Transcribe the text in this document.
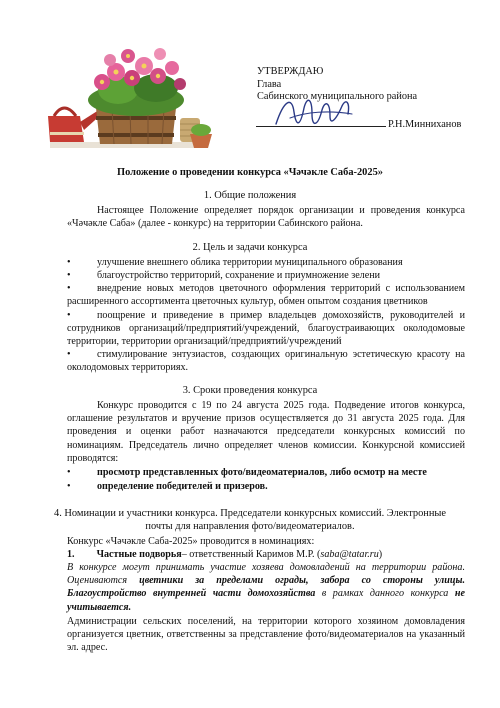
УТВЕРЖДАЮ
Глава
Сабинского муниципального района
Р.Н.Минниханов
Положение о проведении конкурса «Чәчәкле Саба-2025»
1. Общие положения
Настоящее Положение определяет порядок организации и проведения конкурса «Чәчәкле Саба» (далее - конкурс) на территории Сабинского района.
2. Цель и задачи конкурса
•	улучшение внешнего облика территории муниципального образования
•	благоустройство территорий, сохранение и приумножение зелени
•	внедрение новых методов цветочного оформления территорий с использованием расширенного ассортимента цветочных культур, обмен опытом создания цветников
•	поощрение и приведение в пример владельцев домохозяйств, руководителей и сотрудников организаций/предприятий/учреждений, благоустраивающих околодомовые территории, территории организаций/предприятий/учреждений
•	стимулирование энтузиастов, создающих оригинальную эстетическую красоту на околодомовых территориях.
3. Сроки проведения конкурса
Конкурс проводится с 19 по 24 августа 2025 года. Подведение итогов конкурса, оглашение результатов и вручение призов осуществляется до 31 августа 2025 года. Для проведения и оценки работ назначаются председатели конкурсных комиссий по номинациям. Председатель лично определяет членов комиссии. Конкурсной комиссией проводятся:
•	просмотр представленных фото/видеоматериалов, либо осмотр на месте
•	определение победителей и призеров.
4. Номинации и участники конкурса. Председатели конкурсных комиссий. Электронные
почты для направления фото/видеоматериалов.
Конкурс «Чәчәкле Саба-2025» проводится в номинациях:
1. Частные подворья– ответственный Каримов М.Р. (saba@tatar.ru)
В конкурсе могут принимать участие хозяева домовладений на территории района. Оцениваются цветники за пределами ограды, забора со стороны улицы. Благоустройство внутренней части домохозяйства в рамках данного конкурса не учитывается.
Администрации сельских поселений, на территории которого хозяином домовладения организуется цветник, ответственны за представление фото/видеоматериалов на указанный эл. адрес.
